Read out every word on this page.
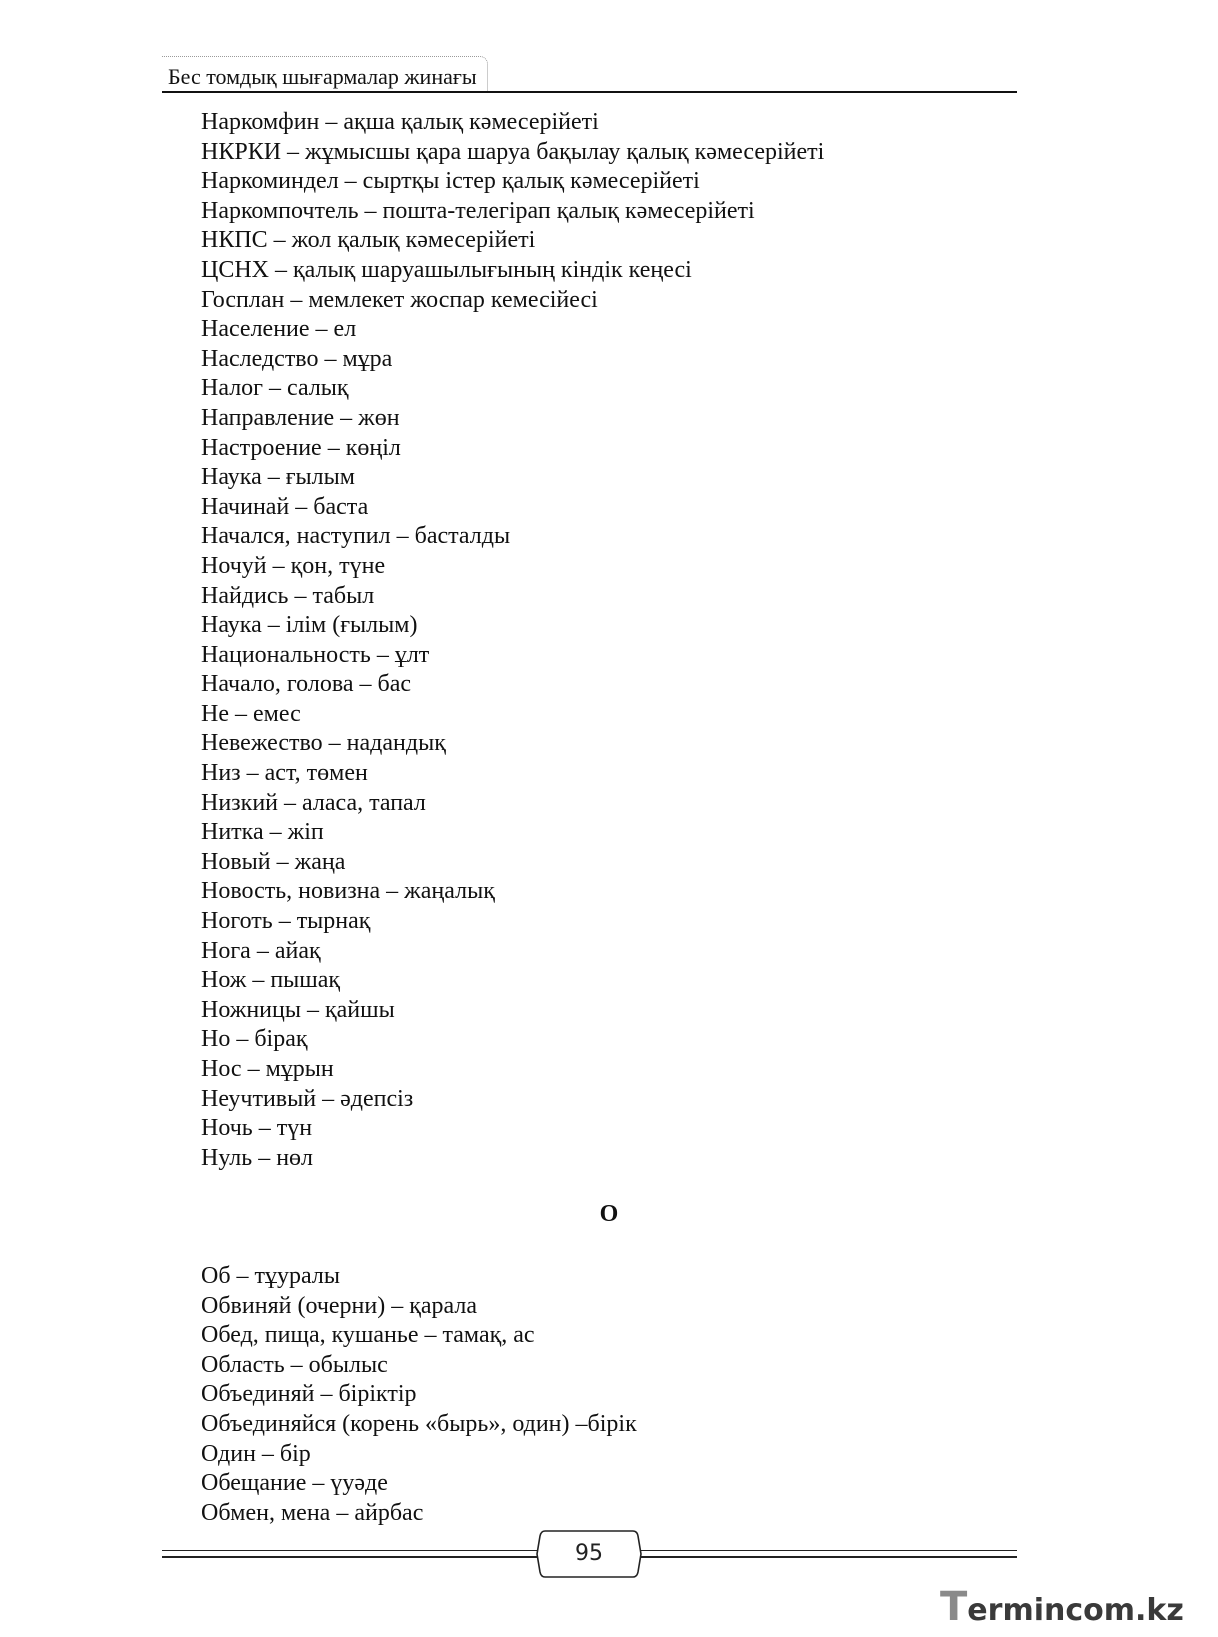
Бес томдық шығармалар жинағы
Наркомфин – ақша қалық кәмесерійеті
НКРКИ – жұмысшы қара шаруа бақылау қалық кәмесерійеті
Наркоминдел – сыртқы істер қалық кәмесерійеті
Наркомпочтель – пошта-телегірап қалық кәмесерійеті
НКПС – жол қалық кәмесерійеті
ЦСНХ – қалық шаруашылығының кіндік кеңесі
Госплан – мемлекет жоспар кемесійесі
Население – ел
Наследство – мұра
Налог – салық
Направление – жөн
Настроение – көңіл
Наука – ғылым
Начинай – баста
Начался, наступил – басталды
Ночуй – қон, түне
Найдись – табыл
Наука – ілім (ғылым)
Национальность – ұлт
Начало, голова – бас
Не – емес
Невежество – надандық
Низ – аст, төмен
Низкий – аласа, тапал
Нитка – жіп
Новый – жаңа
Новость, новизна – жаңалық
Ноготь – тырнақ
Нога – айақ
Нож – пышақ
Ножницы – қайшы
Но – бірақ
Нос – мұрын
Неучтивый – әдепсіз
Ночь – түн
Нуль – нөл
О
Об – тұуралы
Обвиняй (очерни) – қарала
Обед, пища, кушанье – тамақ, ас
Область – обылыс
Объединяй – біріктір
Объединяйся (корень «быpь», один) –бірік
Один – бір
Обещание – үуәде
Обмен, мена – айрбас
95
Termincom.kz
